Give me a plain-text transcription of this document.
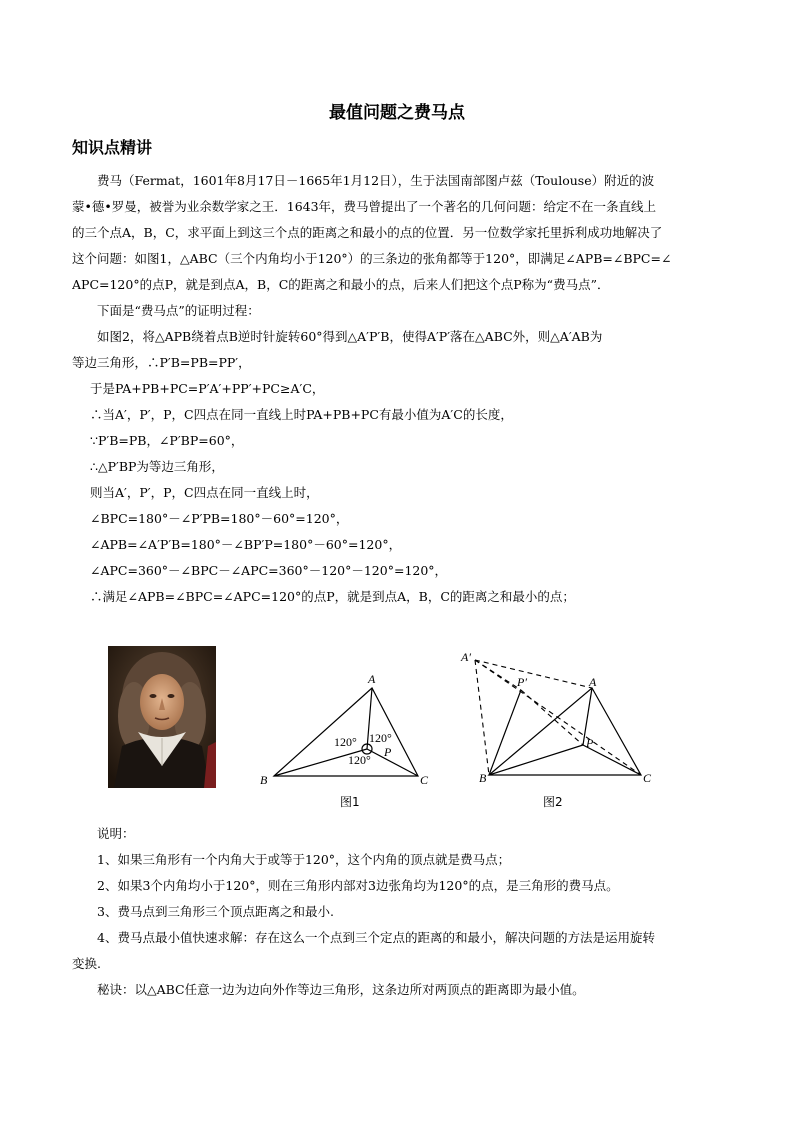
最值问题之费马点
知识点精讲
费马（Fermat，1601年8月17日－1665年1月12日），生于法国南部图卢兹（Toulouse）附近的波
蒙•德•罗曼，被誉为业余数学家之王．1643年，费马曾提出了一个著名的几何问题：给定不在一条直线上
的三个点A，B，C，求平面上到这三个点的距离之和最小的点的位置．另一位数学家托里拆利成功地解决了
这个问题：如图1，△ABC（三个内角均小于120°）的三条边的张角都等于120°，即满足∠APB=∠BPC=∠
APC=120°的点P，就是到点A，B，C的距离之和最小的点，后来人们把这个点P称为“费马点”．
下面是“费马点”的证明过程：
如图2，将△APB绕着点B逆时针旋转60°得到△A′P′B，使得A′P′落在△ABC外，则△A′AB为
等边三角形，∴P′B=PB=PP′，
于是PA+PB+PC=P′A′+PP′+PC≥A′C，
∴当A′，P′，P，C四点在同一直线上时PA+PB+PC有最小值为A′C的长度，
∵P′B=PB，∠P′BP=60°，
∴△P′BP为等边三角形，
则当A′，P′，P，C四点在同一直线上时，
∠BPC=180°－∠P′PB=180°－60°=120°，
∠APB=∠A′P′B=180°－∠BP′P=180°－60°=120°，
∠APC=360°－∠BPC－∠APC=360°－120°－120°=120°，
∴满足∠APB=∠BPC=∠APC=120°的点P，就是到点A，B，C的距离之和最小的点；
A
B	C
P
120° 120°
120°
图1
A′
P′	A
P
B	C
图2
说明：
1、如果三角形有一个内角大于或等于120°，这个内角的顶点就是费马点；
2、如果3个内角均小于120°，则在三角形内部对3边张角均为120°的点，是三角形的费马点。
3、费马点到三角形三个顶点距离之和最小.
4、费马点最小值快速求解：存在这么一个点到三个定点的距离的和最小，解决问题的方法是运用旋转
变换.
秘诀：以△ABC任意一边为边向外作等边三角形，这条边所对两顶点的距离即为最小值。
